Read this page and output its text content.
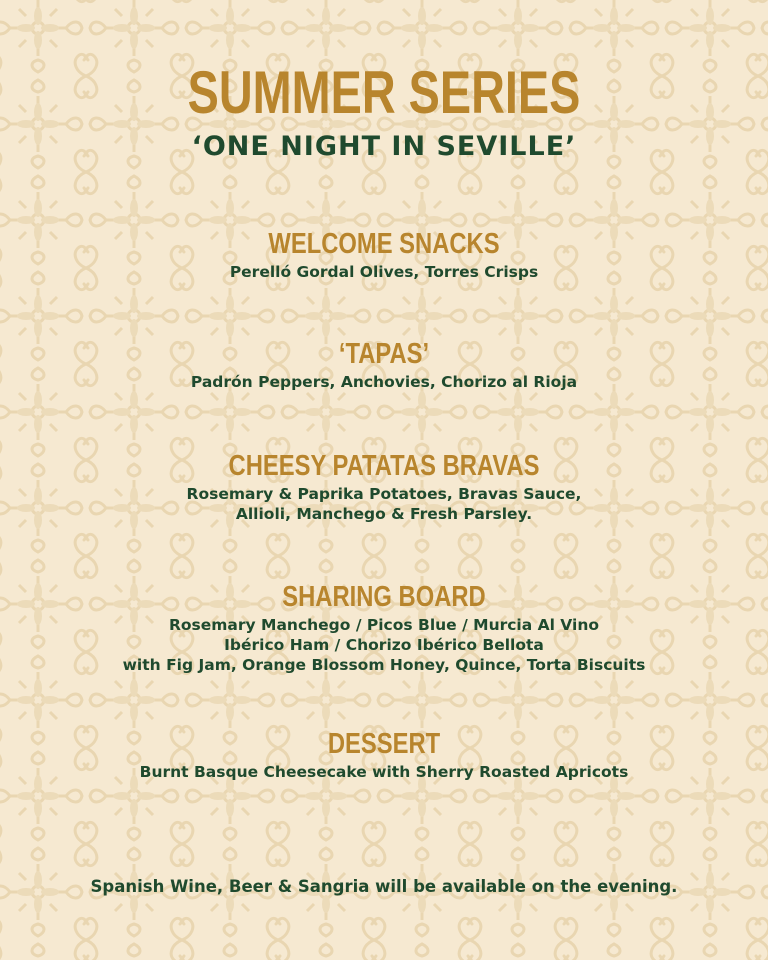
SUMMER SERIES
‘ONE NIGHT IN SEVILLE’
WELCOME SNACKS

Perelló Gordal Olives, Torres Crisps

‘TAPAS’

Padrón Peppers, Anchovies, Chorizo al Rioja

CHEESY PATATAS BRAVAS

Rosemary & Paprika Potatoes, Bravas Sauce,

Allioli, Manchego & Fresh Parsley.

SHARING BOARD

Rosemary Manchego / Picos Blue / Murcia Al Vino

Ibérico Ham / Chorizo Ibérico Bellota

with Fig Jam, Orange Blossom Honey, Quince, Torta Biscuits

DESSERT

Burnt Basque Cheesecake with Sherry Roasted Apricots

Spanish Wine, Beer & Sangria will be available on the evening.
